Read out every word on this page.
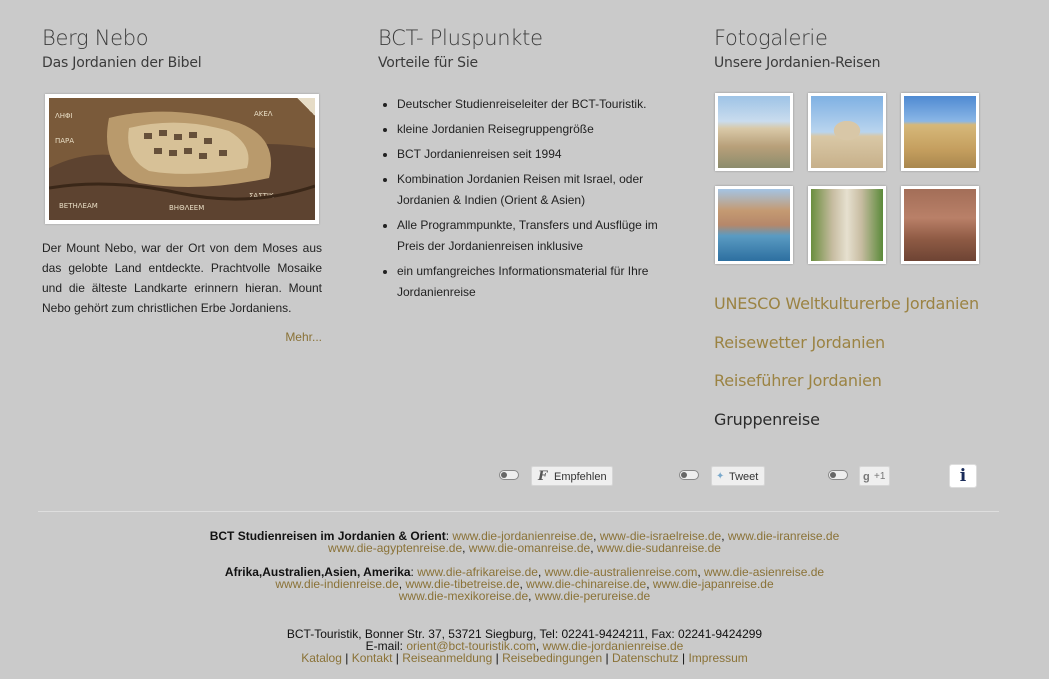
Berg Nebo
Das Jordanien der Bibel
ΛΗΦΙ
ΠΑΡΑ
ΣΑΣΤΙΚ
BETHΛEAM	ΒΗΘΛΕΕΜ
ΑΚΕΛ
Der Mount Nebo, war der Ort von dem Moses aus das gelobte Land entdeckte. Prachtvolle Mosaike und die älteste Landkarte erinnern hieran. Mount Nebo gehört zum christlichen Erbe Jordaniens.
Mehr...
BCT- Pluspunkte
Vorteile für Sie
• Deutscher Studienreiseleiter der BCT-Touristik.
• kleine Jordanien Reisegruppengröße
• BCT Jordanienreisen seit 1994
• Kombination Jordanien Reisen mit Israel, oder Jordanien & Indien (Orient & Asien)
• Alle Programmpunkte, Transfers und Ausflüge im Preis der Jordanienreisen inklusive
• ein umfangreiches Informationsmaterial für Ihre Jordanienreise
Fotogalerie
Unsere Jordanien-Reisen
UNESCO Weltkulturerbe Jordanien
Reisewetter Jordanien
Reiseführer Jordanien
Gruppenreise
F Empfehlen	✦ Tweet	g +1	i
BCT Studienreisen im Jordanien & Orient: www.die-jordanienreise.de, www-die-israelreise.de, www.die-iranreise.de
www.die-agyptenreise.de, www.die-omanreise.de, www.die-sudanreise.de
Afrika,Australien,Asien, Amerika: www.die-afrikareise.de, www.die-australienreise.com, www.die-asienreise.de
www.die-indienreise.de, www.die-tibetreise.de, www.die-chinareise.de, www.die-japanreise.de
www.die-mexikoreise.de, www.die-perureise.de
BCT-Touristik, Bonner Str. 37, 53721 Siegburg, Tel: 02241-9424211, Fax: 02241-9424299
E-mail: orient@bct-touristik.com, www.die-jordanienreise.de
Katalog | Kontakt | Reiseanmeldung | Reisebedingungen | Datenschutz | Impressum
